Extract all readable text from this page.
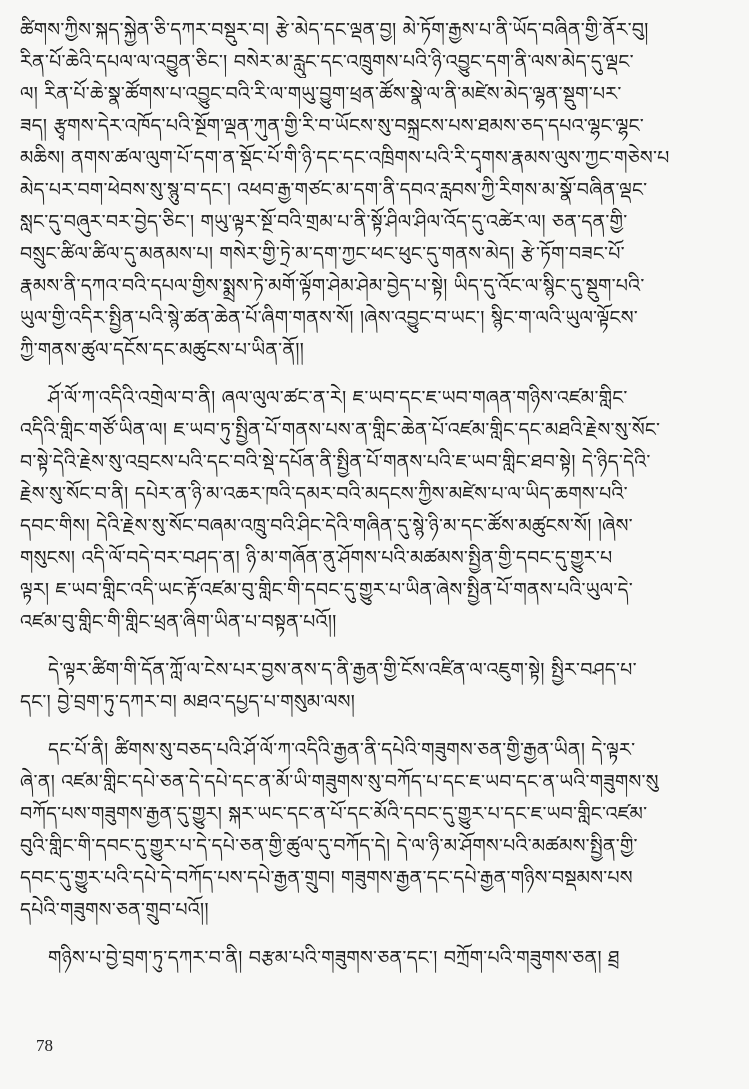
ཚིགས་ཀྱིས་སྐད་སྐྱེན་ཅི་དཀར་བསྡུར་བ། རྩེ་མེད་དང་ལྡན་བྱ། མེ་ཏོག་རྒྱས་པ་ནི་ཡོད་བཞིན་གྱི་ནོར་བུ།
རིན་པོ་ཆེའི་དཔལ་ལ་འབྱུན་ཅིང་། བསེར་མ་རླུང་དང་འཁྲུགས་པའི་ཉི་འབྱུང་དག་ནི་ལས་མེད་དུ་ལྡང་
ལ། རིན་པོ་ཆེ་སྣ་ཚོགས་པ་འབྱུང་བའི་རི་ལ་གཡུ་བྱུག་ཕྲན་ཚོས་སྣེ་ལ་ནི་མཛེས་མེད་ལྷན་སྡུག་པར་
ཟད། རྩྭགས་དེར་འཁོད་པའི་སྔོག་ལྡན་ཀུན་གྱི་རི་བ་ཡོངས་སུ་བསྐྲངས་པས་ཐམས་ཅད་དཔའ་ལྷང་ལྷང་
མཆིས། ནགས་ཚལ་ལུག་པོ་དག་ན་སྡོང་པོ་གི་ཉི་དང་དང་འཁྲིགས་པའི་རི་དྭགས་རྣམས་ལུས་ཀྱང་གཅེས་པ
མེད་པར་བག་ཕེབས་སུ་སྙུ་བ་དང་། འཕབ་རྒྱ་གཙང་མ་དག་ནི་དབའ་རླབས་ཀྱི་རིགས་མ་སྣོ་བཞིན་ལྡང་
སླང་དུ་བཞུར་བར་བྱེད་ཅིང་། གཡུ་ལྟར་སྔོ་བའི་གྲམ་པ་ནི་སྟོ་ཤིལ་ཤིལ་འོད་དུ་འཚེར་ལ། ཅན་དན་གྱི་
བསྲུང་ཚིལ་ཚིལ་དུ་མནམས་པ། གསེར་གྱི་ཏྲེ་མ་དག་ཀྱང་ཕང་ཕུང་དུ་གནས་མེད། རྩེ་ཏོག་བཟང་པོ་
རྣམས་ནི་དཀའ་བའི་དཔལ་གྱིས་སྨྲས་ཏེ་མགོ་ལྟོག་ཤེམ་ཤེམ་བྱེད་པ་སྟེ། ཡིད་དུ་འོང་ལ་སྙིང་དུ་སྡུག་པའི་
ཡུལ་གྱི་འདིར་སྤྱིན་པའི་སྙེ་ཚན་ཆེན་པོ་ཞིག་གནས་སོ། །ཞེས་འབྱུང་བ་ཡང་། སྙིང་ག་ལའི་ཡུལ་ལྟོངས་
ཀྱི་གནས་ཚུལ་དངོས་དང་མཚུངས་པ་ཡིན་ནོ།།
ཤོ་ལོ་ཀ་འདིའི་འགྲེལ་བ་ནི། ཞལ་ལུལ་ཚང་ན་རེ། ཇ་ཡབ་དང་ཇ་ཡབ་གཞན་གཉིས་འཛམ་གླིང་
འདིའི་གླིང་གཙོ་ཡིན་ལ། ཇ་ཡབ་ཏུ་སྤྱིན་པོ་གནས་པས་ན་གླིང་ཆེན་པོ་འཛམ་གླིང་དང་མཐའི་རྗེས་སུ་སོང་
བ་སྟེ་དེའི་རྗེས་སུ་འབྲངས་པའི་དང་བའི་སྡེ་དཔོན་ནི་སྤྱིན་པོ་གནས་པའི་ཇ་ཡབ་གླིང་ཐབ་སྟེ། དེ་ཉིད་དེའི་
རྗེས་སུ་སོང་བ་ནི། དཔེར་ན་ཉི་མ་འཆར་ཁའི་དམར་བའི་མདངས་ཀྱིས་མཛེས་པ་ལ་ཡིད་ཆགས་པའི་
དབང་གིས། དེའི་རྗེས་སུ་སོང་བཞམ་འཁྲུ་བའི་ཤིང་དེའི་གཞིན་དུ་སྙེ་ཉི་མ་དང་ཚོས་མཚུངས་སོ། །ཞེས་
གསུངས། འདི་ལོ་བདེ་བར་བཤད་ན། ཉི་མ་གཞོན་ནུ་ཤོགས་པའི་མཚམས་སྤྱིན་གྱི་དབང་དུ་གྱུར་པ
ལྟར། ཇ་ཡབ་གླིང་འདི་ཡང་རྟོ་འཛམ་བུ་གླིང་གི་དབང་དུ་གྱུར་པ་ཡིན་ཞེས་སྤྱིན་པོ་གནས་པའི་ཡུལ་དེ་
འཛམ་བུ་གླིང་གི་གླིང་ཕྲན་ཞིག་ཡིན་པ་བསྟན་པའོ།།
དེ་ལྟར་ཚིག་གི་དོན་ཀློ་ལ་ངེས་པར་བྱས་ནས་ད་ནི་རྒྱན་གྱི་ངོས་འཛིན་ལ་འཇུག་སྟེ། སྤྱིར་བཤད་པ་
དང་། བྱེ་བྲག་ཏུ་དཀར་བ། མཐའ་དཔྱད་པ་གསུམ་ལས།
དང་པོ་ནི། ཚིགས་སུ་བཅད་པའི་ཤོ་ལོ་ཀ་འདིའི་རྒྱན་ནི་དཔེའི་གཟུགས་ཅན་གྱི་རྒྱན་ཡིན། དེ་ལྟར་
ཞེ་ན། འཛམ་གླིང་དཔེ་ཅན་དེ་དཔེ་དང་ན་མོ་ཡི་གཟུགས་སུ་བཀོད་པ་དང་ཇ་ཡབ་དང་ན་ཡའི་གཟུགས་སུ
བཀོད་པས་གཟུགས་རྒྱན་དུ་གྱུར། སྐར་ཡང་དང་ན་པོ་དང་མོའི་དབང་དུ་གྱུར་པ་དང་ཇ་ཡབ་གླིང་འཛམ་
བུའི་གླིང་གི་དབང་དུ་གྱུར་པ་དེ་དཔེ་ཅན་གྱི་ཚུལ་དུ་བཀོད་དེ། དེ་ལ་ཉི་མ་ཤོགས་པའི་མཚམས་སྤྱིན་གྱི་
དབང་དུ་གྱུར་པའི་དཔེ་དེ་བཀོད་པས་དཔེ་རྒྱན་གྲུབ། གཟུགས་རྒྱན་དང་དཔེ་རྒྱན་གཉིས་བསྡམས་པས
དཔེའི་གཟུགས་ཅན་གྲུབ་པའོ།།
གཉིས་པ་བྱེ་བྲག་ཏུ་དཀར་བ་ནི། བརྩམ་པའི་གཟུགས་ཅན་དང་། བཀྲོག་པའི་གཟུགས་ཅན། ཐྲ
78
